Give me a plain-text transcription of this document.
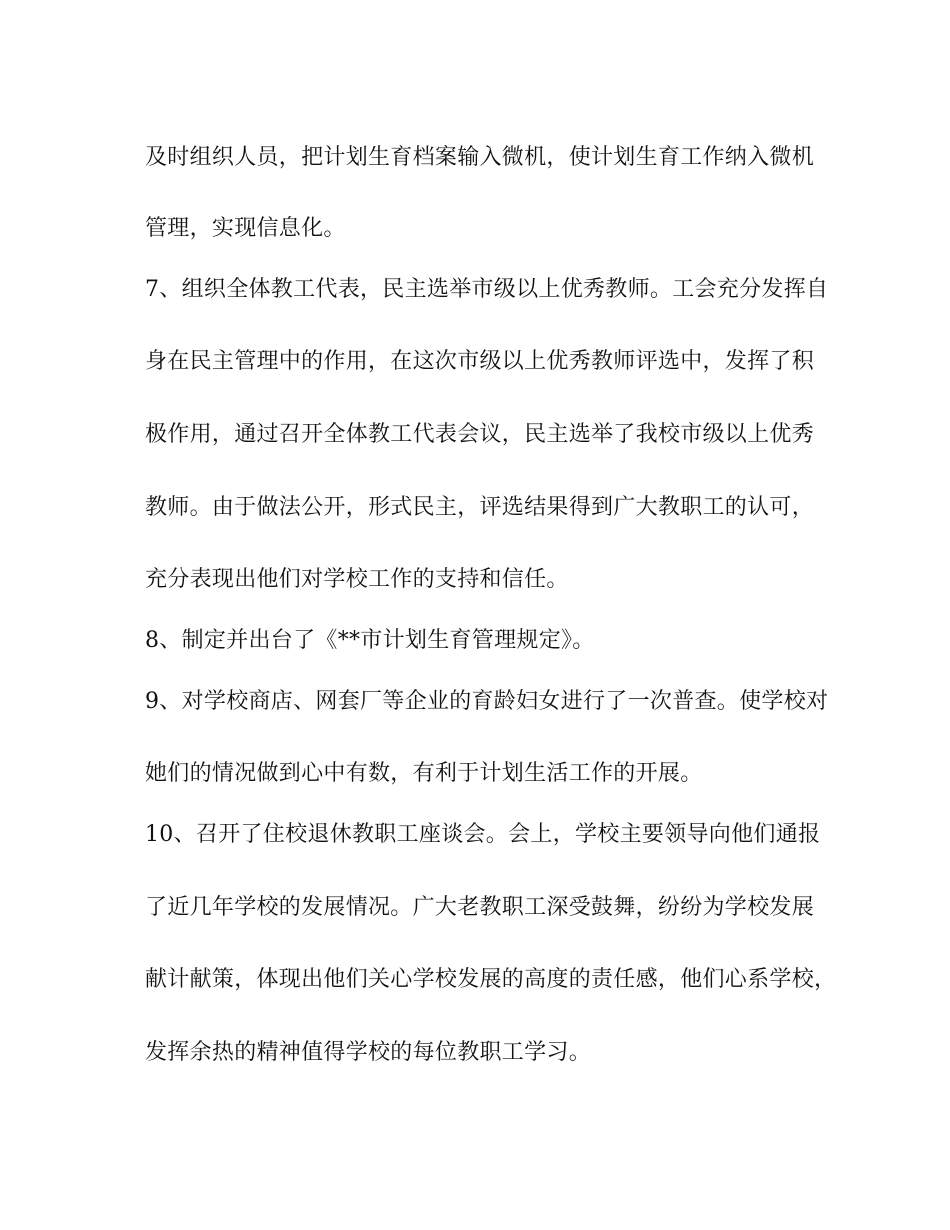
及时组织人员，把计划生育档案输入微机，使计划生育工作纳入微机
管理，实现信息化。
7、组织全体教工代表，民主选举市级以上优秀教师。工会充分发挥自
身在民主管理中的作用，在这次市级以上优秀教师评选中，发挥了积
极作用，通过召开全体教工代表会议，民主选举了我校市级以上优秀
教师。由于做法公开，形式民主，评选结果得到广大教职工的认可，
充分表现出他们对学校工作的支持和信任。
8、制定并出台了《**市计划生育管理规定》。
9、对学校商店、网套厂等企业的育龄妇女进行了一次普查。使学校对
她们的情况做到心中有数，有利于计划生活工作的开展。
10、召开了住校退休教职工座谈会。会上，学校主要领导向他们通报
了近几年学校的发展情况。广大老教职工深受鼓舞，纷纷为学校发展
献计献策，体现出他们关心学校发展的高度的责任感，他们心系学校，
发挥余热的精神值得学校的每位教职工学习。
